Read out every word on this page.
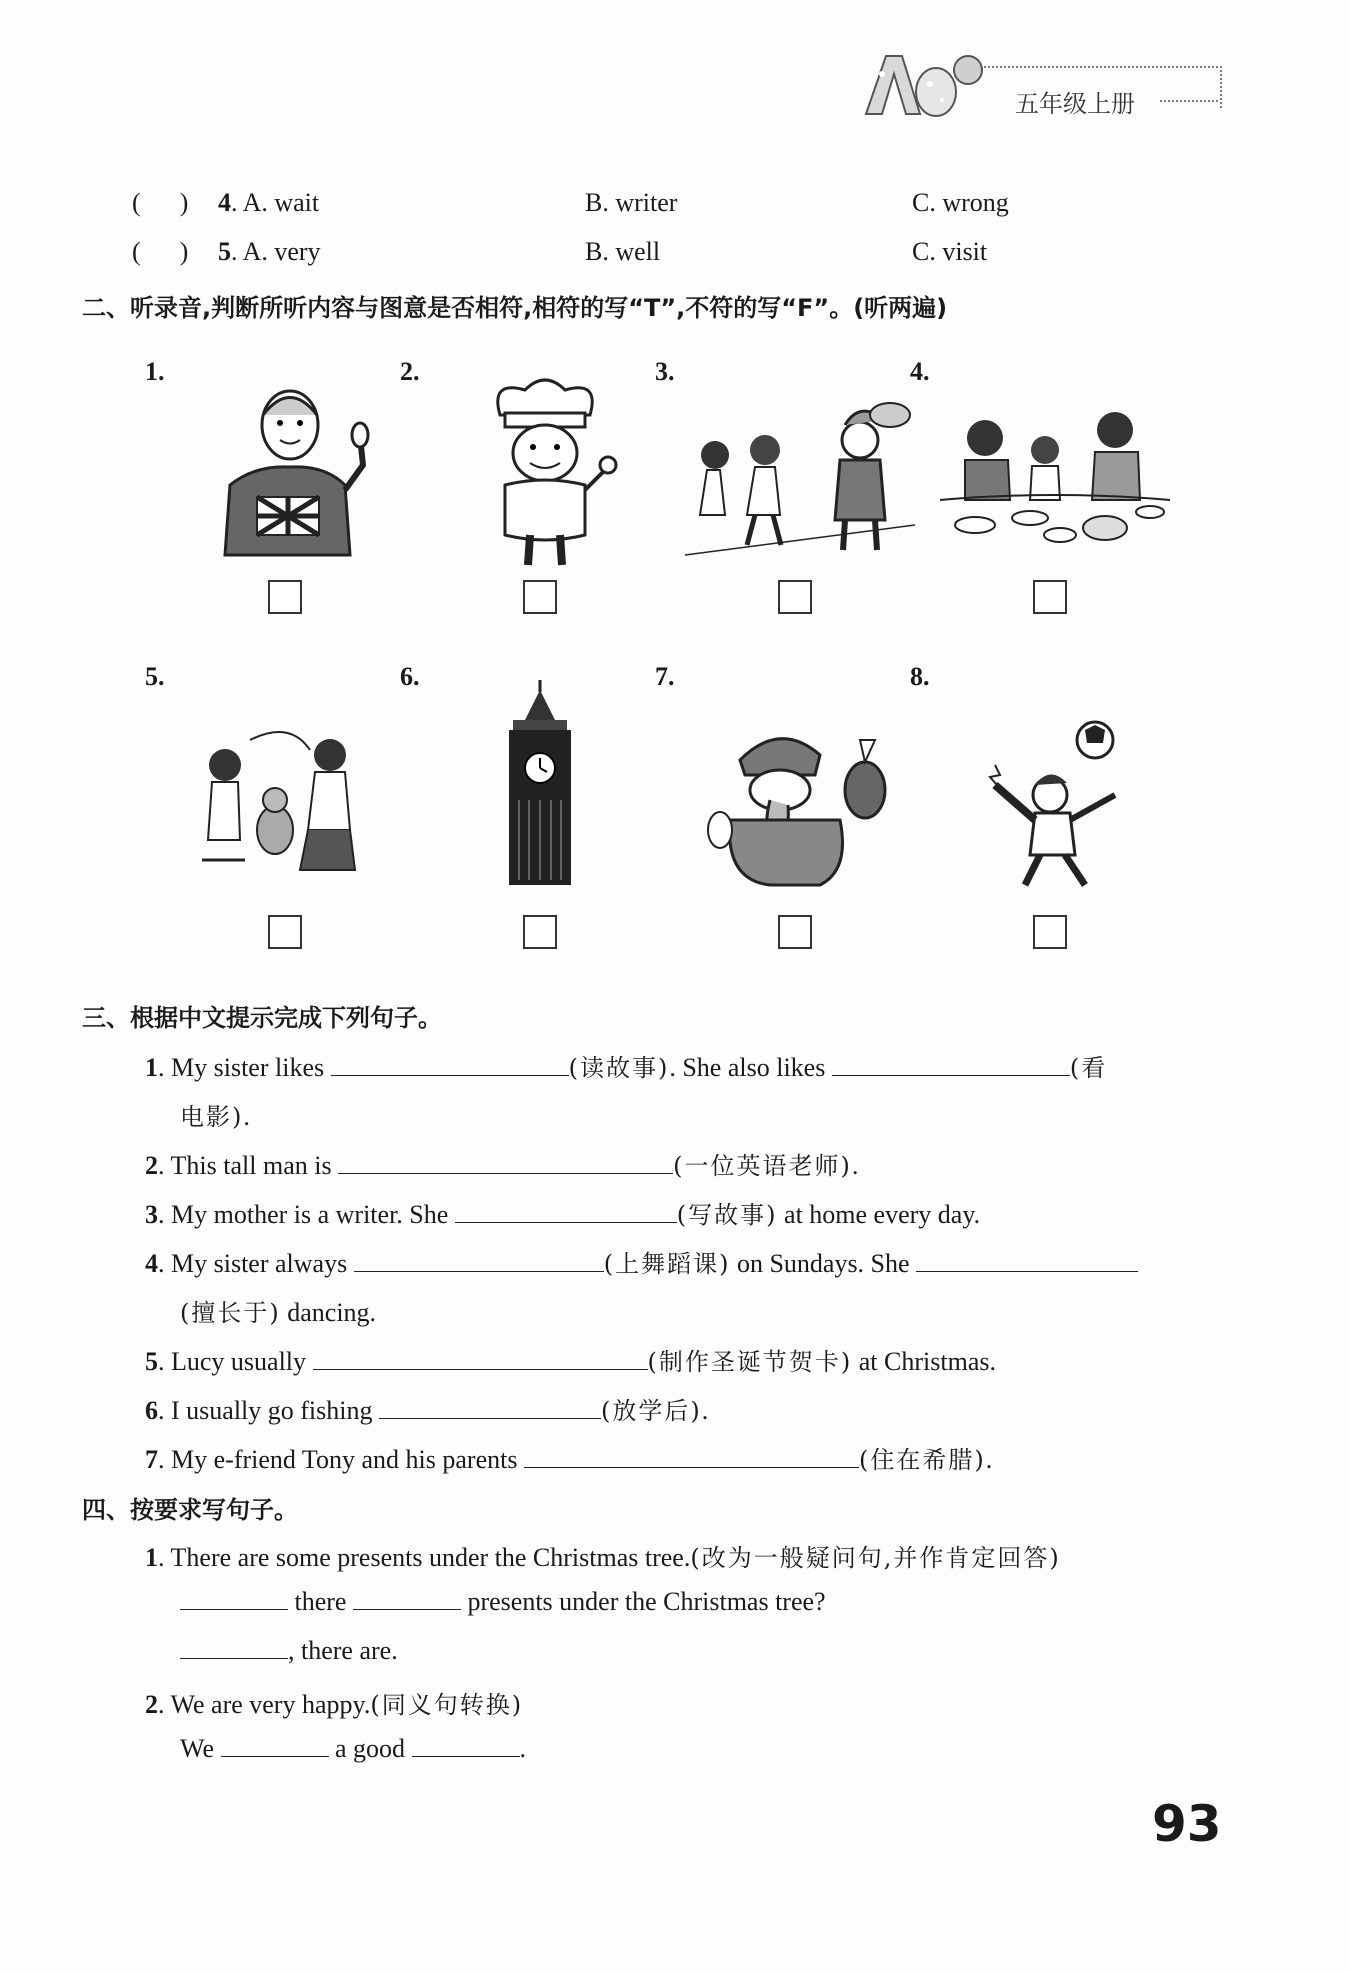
五年级上册
(      ) 4. A. wait	B. writer	C. wrong
(      ) 5. A. very	B. well	C. visit
二、听录音,判断所听内容与图意是否相符,相符的写“T”,不符的写“F”。(听两遍)
1.	2.	3.	4.
5.	6.	7.	8.
三、根据中文提示完成下列句子。
1. My sister likes	(读故事). She also likes	(看
电影).
2. This tall man is	(一位英语老师).
3. My mother is a writer. She	(写故事) at home every day.
4. My sister always	(上舞蹈课) on Sundays. She
(擅长于) dancing.
5. Lucy usually	(制作圣诞节贺卡) at Christmas.
6. I usually go fishing	(放学后).
7. My e-friend Tony and his parents	(住在希腊).
四、按要求写句子。
1. There are some presents under the Christmas tree.(改为一般疑问句,并作肯定回答)
there	presents under the Christmas tree?
, there are.
2. We are very happy.(同义句转换)
We	a good	.
93
